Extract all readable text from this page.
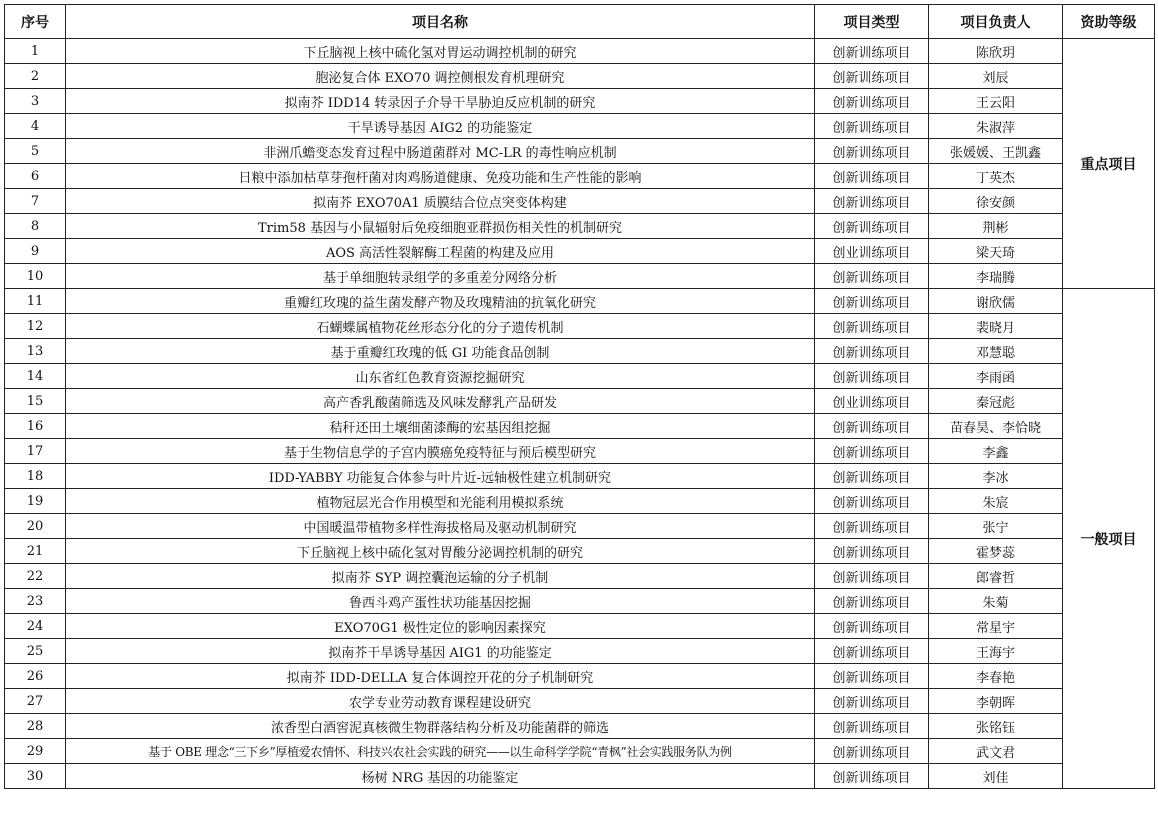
序号	项目名称	项目类型	项目负责人	资助等级
1	下丘脑视上核中硫化氢对胃运动调控机制的研究	创新训练项目	陈欣玥	重点项目
2	胞泌复合体 EXO70 调控侧根发育机理研究	创新训练项目	刘辰	
3	拟南芥 IDD14 转录因子介导干旱胁迫反应机制的研究	创新训练项目	王云阳	
4	干旱诱导基因 AIG2 的功能鉴定	创新训练项目	朱淑萍	
5	非洲爪蟾变态发育过程中肠道菌群对 MC-LR 的毒性响应机制	创新训练项目	张媛媛、王凯鑫	
6	日粮中添加枯草芽孢杆菌对肉鸡肠道健康、免疫功能和生产性能的影响	创新训练项目	丁英杰	
7	拟南芥 EXO70A1 质膜结合位点突变体构建	创新训练项目	徐安颜	
8	Trim58 基因与小鼠辐射后免疫细胞亚群损伤相关性的机制研究	创新训练项目	荆彬	
9	AOS 高活性裂解酶工程菌的构建及应用	创业训练项目	梁天琦	
10	基于单细胞转录组学的多重差分网络分析	创新训练项目	李瑞腾	
11	重瓣红玫瑰的益生菌发酵产物及玫瑰精油的抗氧化研究	创新训练项目	谢欣儒	一般项目
12	石蝴蝶属植物花丝形态分化的分子遗传机制	创新训练项目	裴晓月	
13	基于重瓣红玫瑰的低 GI 功能食品创制	创新训练项目	邓慧聪	
14	山东省红色教育资源挖掘研究	创新训练项目	李雨函	
15	高产香乳酸菌筛选及风味发酵乳产品研发	创业训练项目	秦冠彪	
16	秸秆还田土壤细菌漆酶的宏基因组挖掘	创新训练项目	苗春昊、李恰晓	
17	基于生物信息学的子宫内膜癌免疫特征与预后模型研究	创新训练项目	李鑫	
18	IDD-YABBY 功能复合体参与叶片近-远轴极性建立机制研究	创新训练项目	李冰	
19	植物冠层光合作用模型和光能利用模拟系统	创新训练项目	朱宸	
20	中国暖温带植物多样性海拔格局及驱动机制研究	创新训练项目	张宁	
21	下丘脑视上核中硫化氢对胃酸分泌调控机制的研究	创新训练项目	霍梦蕊	
22	拟南芥 SYP 调控囊泡运输的分子机制	创新训练项目	郎睿哲	
23	鲁西斗鸡产蛋性状功能基因挖掘	创新训练项目	朱菊	
24	EXO70G1 极性定位的影响因素探究	创新训练项目	常星宇	
25	拟南芥干旱诱导基因 AIG1 的功能鉴定	创新训练项目	王海宇	
26	拟南芥 IDD-DELLA 复合体调控开花的分子机制研究	创新训练项目	李春艳	
27	农学专业劳动教育课程建设研究	创新训练项目	李朝晖	
28	浓香型白酒窖泥真核微生物群落结构分析及功能菌群的筛选	创新训练项目	张铭钰	
29	基于 OBE 理念“三下乡”厚植爱农情怀、科技兴农社会实践的研究——以生命科学学院“青枫”社会实践服务队为例	创新训练项目	武文君	
30	杨树 NRG 基因的功能鉴定	创新训练项目	刘佳	
